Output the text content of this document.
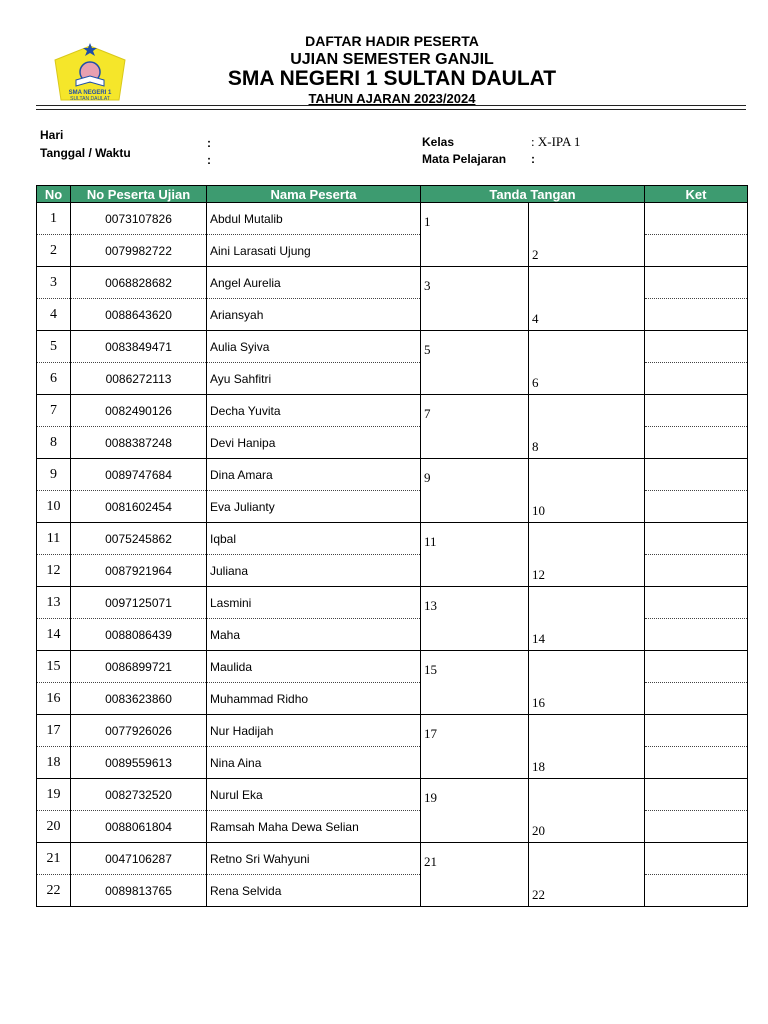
SMA NEGERI 1
SULTAN DAULAT
DAFTAR HADIR PESERTA
UJIAN SEMESTER GANJIL
SMA NEGERI 1 SULTAN DAULAT
TAHUN AJARAN 2023/2024
Hari
Tanggal / Waktu
:
:
Kelas	: X-IPA 1
Mata Pelajaran :
No	No Peserta Ujian	Nama Peserta	Tanda Tangan		Ket
1	0073107826	Abdul Mutalib	1		

2	0079982722	Aini Larasati Ujung		2	

3	0068828682	Angel Aurelia	3		

4	0088643620	Ariansyah		4	

5	0083849471	Aulia Syiva	5		

6	0086272113	Ayu Sahfitri		6	

7	0082490126	Decha Yuvita	7		

8	0088387248	Devi Hanipa		8	

9	0089747684	Dina Amara	9		

10	0081602454	Eva Julianty		10	

11	0075245862	Iqbal	11		

12	0087921964	Juliana		12	

13	0097125071	Lasmini	13		

14	0088086439	Maha		14	

15	0086899721	Maulida	15		

16	0083623860	Muhammad Ridho		16	

17	0077926026	Nur Hadijah	17		

18	0089559613	Nina Aina		18	

19	0082732520	Nurul Eka	19		

20	0088061804	Ramsah Maha Dewa Selian		20	

21	0047106287	Retno Sri Wahyuni	21		

22	0089813765	Rena Selvida		22	
